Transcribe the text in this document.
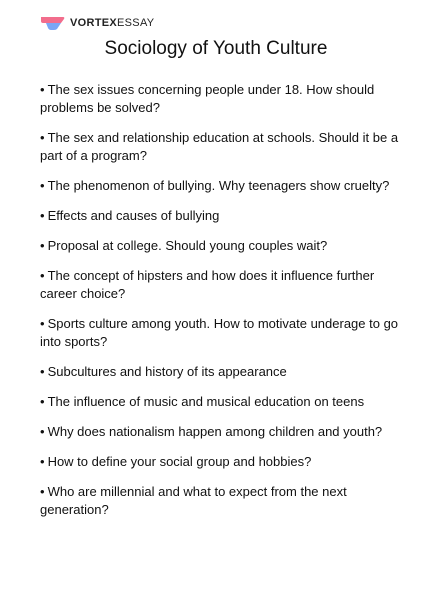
VORTEXESSAY
Sociology of Youth Culture
• The sex issues concerning people under 18. How should problems be solved?
• The sex and relationship education at schools. Should it be a part of a program?
• The phenomenon of bullying. Why teenagers show cruelty?
• Effects and causes of bullying
• Proposal at college. Should young couples wait?
• The concept of hipsters and how does it influence further career choice?
• Sports culture among youth. How to motivate underage to go into sports?
• Subcultures and history of its appearance
• The influence of music and musical education on teens
• Why does nationalism happen among children and youth?
• How to define your social group and hobbies?
• Who are millennial and what to expect from the next generation?
